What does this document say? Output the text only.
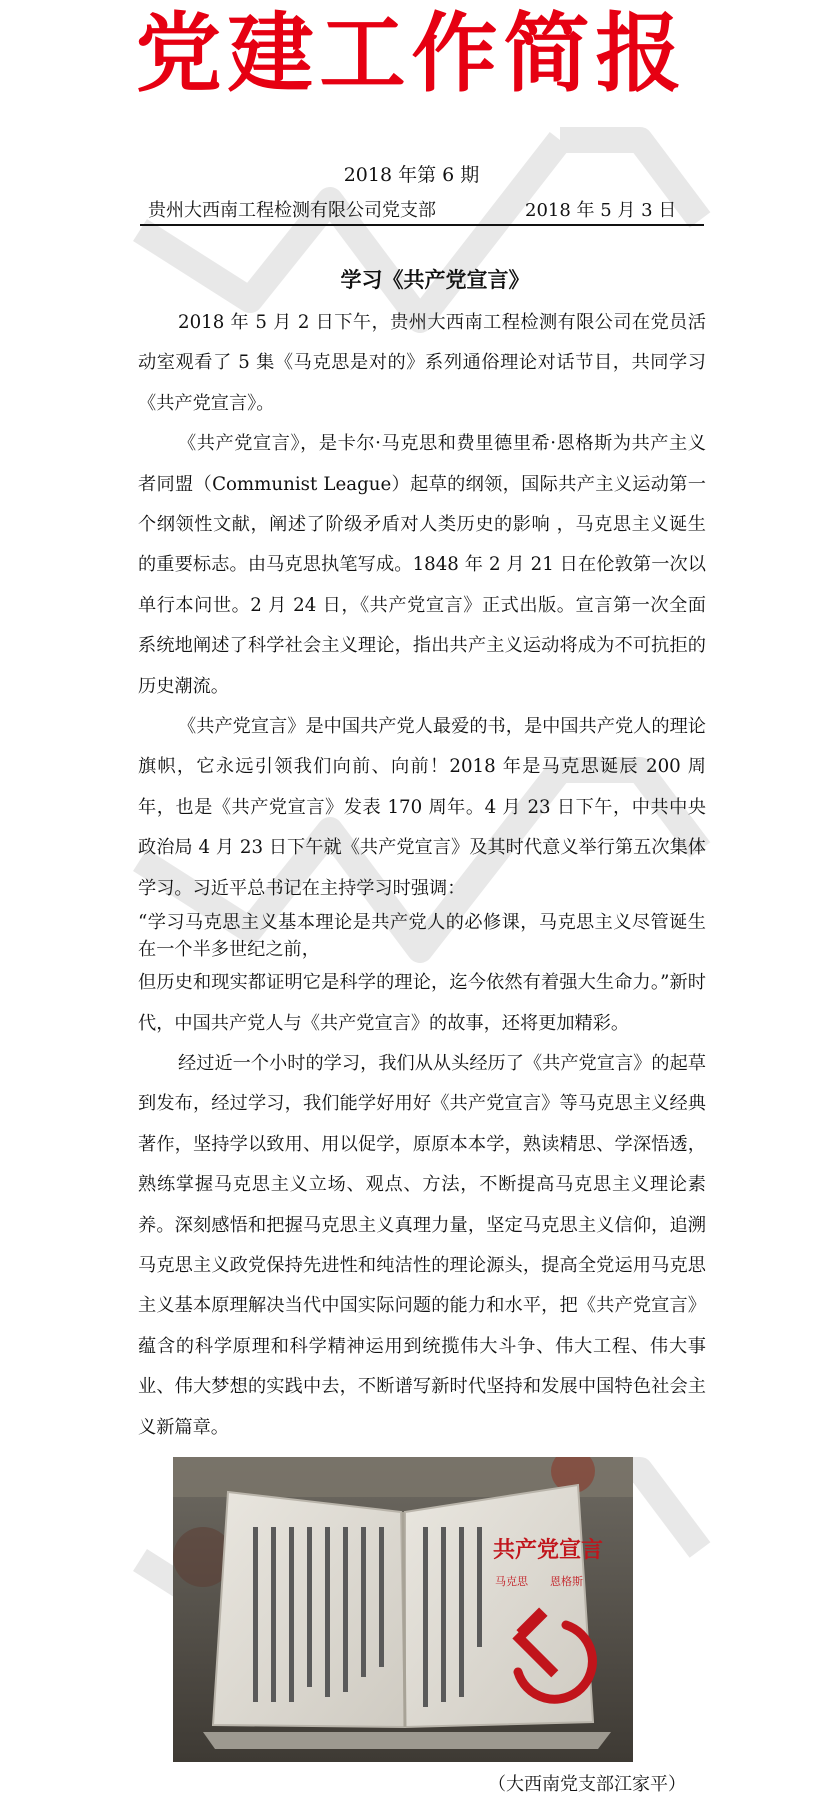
党建工作简报
2018 年第 6 期
贵州大西南工程检测有限公司党支部	2018 年 5 月 3 日
学习《共产党宣言》

2018 年 5 月 2 日下午，贵州大西南工程检测有限公司在党员活动室观看了 5 集《马克思是对的》系列通俗理论对话节目，共同学习《共产党宣言》。

《共产党宣言》，是卡尔·马克思和费里德里希·恩格斯为共产主义者同盟（Communist League）起草的纲领，国际共产主义运动第一个纲领性文献，阐述了阶级矛盾对人类历史的影响 ，马克思主义诞生的重要标志。由马克思执笔写成。1848 年 2 月 21 日在伦敦第一次以单行本问世。2 月 24 日，《共产党宣言》正式出版。宣言第一次全面系统地阐述了科学社会主义理论，指出共产主义运动将成为不可抗拒的历史潮流。

《共产党宣言》是中国共产党人最爱的书，是中国共产党人的理论旗帜，它永远引领我们向前、向前！2018 年是马克思诞辰 200 周年，也是《共产党宣言》发表 170 周年。4 月 23 日下午，中共中央政治局 4 月 23 日下午就《共产党宣言》及其时代意义举行第五次集体学习。习近平总书记在主持学习时强调：

“学习马克思主义基本理论是共产党人的必修课，马克思主义尽管诞生在一个半多世纪之前，

但历史和现实都证明它是科学的理论，迄今依然有着强大生命力。”新时代，中国共产党人与《共产党宣言》的故事，还将更加精彩。

经过近一个小时的学习，我们从从头经历了《共产党宣言》的起草到发布，经过学习，我们能学好用好《共产党宣言》等马克思主义经典著作，坚持学以致用、用以促学，原原本本学，熟读精思、学深悟透，熟练掌握马克思主义立场、观点、方法，不断提高马克思主义理论素养。深刻感悟和把握马克思主义真理力量，坚定马克思主义信仰，追溯马克思主义政党保持先进性和纯洁性的理论源头，提高全党运用马克思主义基本原理解决当代中国实际问题的能力和水平，把《共产党宣言》蕴含的科学原理和科学精神运用到统揽伟大斗争、伟大工程、伟大事业、伟大梦想的实践中去，不断谱写新时代坚持和发展中国特色社会主义新篇章。

共产党宣言
马克思　　恩格斯
（大西南党支部江家平）
